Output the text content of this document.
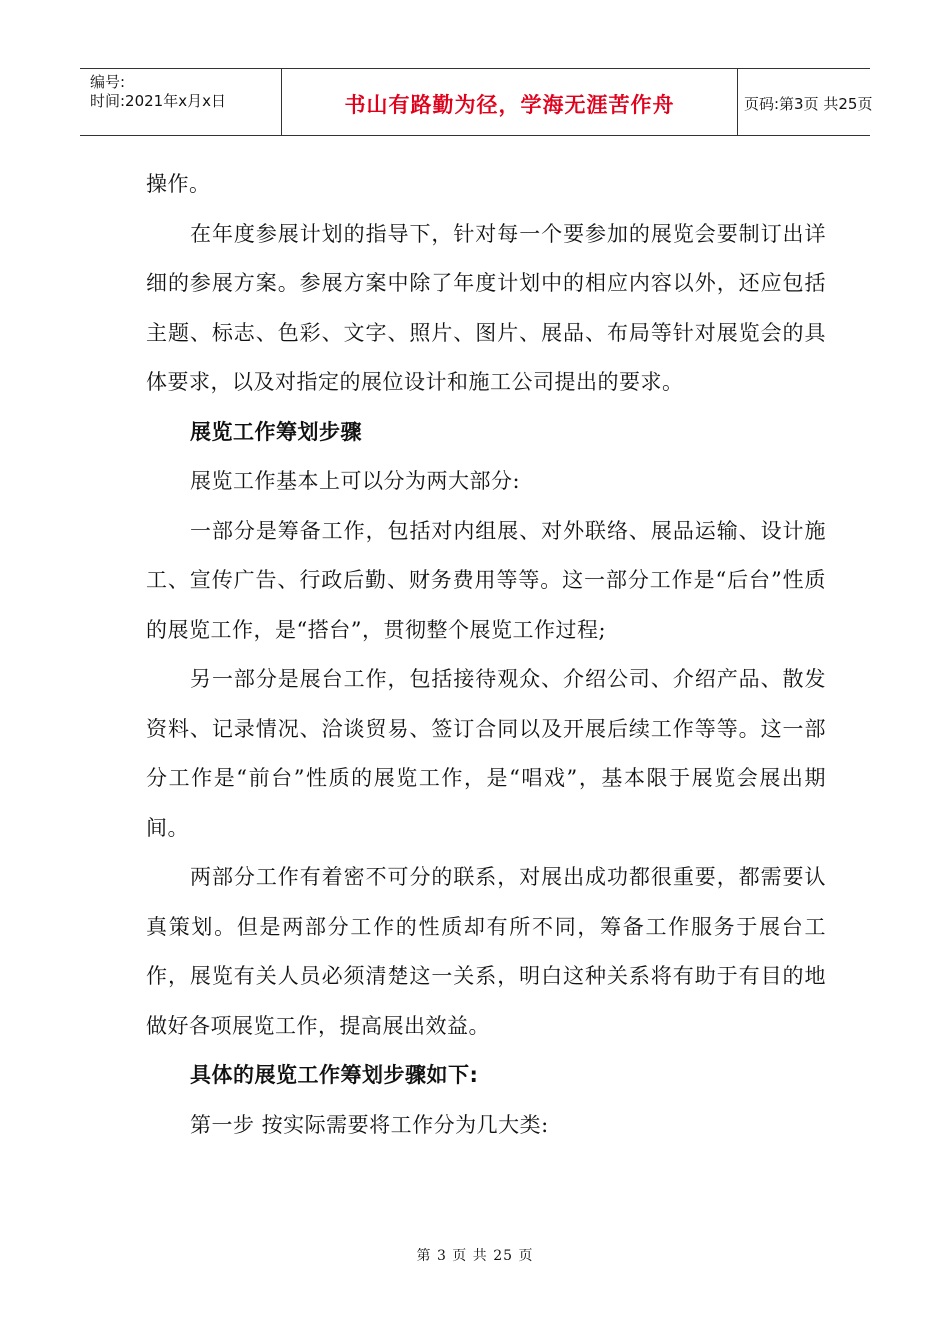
编号:
时间:2021年x月x日	书山有路勤为径，学海无涯苦作舟	页码:第3页 共25页

操作。

在年度参展计划的指导下，针对每一个要参加的展览会要制订出详细的参展方案。参展方案中除了年度计划中的相应内容以外，还应包括主题、标志、色彩、文字、照片、图片、展品、布局等针对展览会的具体要求，以及对指定的展位设计和施工公司提出的要求。

展览工作筹划步骤

展览工作基本上可以分为两大部分:

一部分是筹备工作，包括对内组展、对外联络、展品运输、设计施工、宣传广告、行政后勤、财务费用等等。这一部分工作是“后台”性质的展览工作，是“搭台”，贯彻整个展览工作过程;

另一部分是展台工作，包括接待观众、介绍公司、介绍产品、散发资料、记录情况、洽谈贸易、签订合同以及开展后续工作等等。这一部分工作是“前台”性质的展览工作，是“唱戏”，基本限于展览会展出期间。

两部分工作有着密不可分的联系，对展出成功都很重要，都需要认真策划。但是两部分工作的性质却有所不同，筹备工作服务于展台工作，展览有关人员必须清楚这一关系，明白这种关系将有助于有目的地做好各项展览工作，提高展出效益。

具体的展览工作筹划步骤如下:

第一步 按实际需要将工作分为几大类:

第 3 页 共 25 页
